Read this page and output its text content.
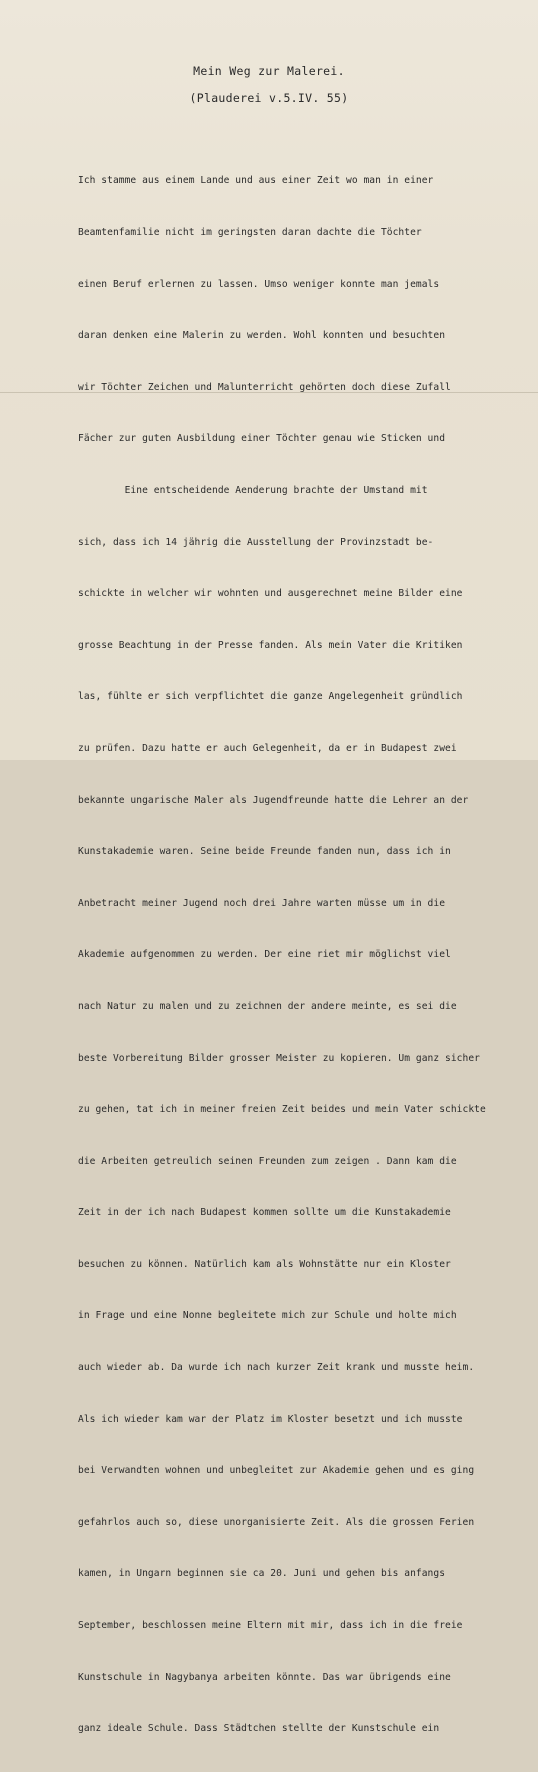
Mein Weg zur Malerei.
(Plauderei v.5.IV. 55)

Ich stamme aus einem Lande und aus einer Zeit wo man in einer

Beamtenfamilie nicht im geringsten daran dachte die Töchter

einen Beruf erlernen zu lassen. Umso weniger konnte man jemals

daran denken eine Malerin zu werden. Wohl konnten und besuchten

wir Töchter Zeichen und Malunterricht gehörten doch diese Zufall

Fächer zur guten Ausbildung einer Töchter genau wie Sticken und

Eine entscheidende Aenderung brachte der Umstand mit

sich, dass ich 14 jährig die Ausstellung der Provinzstadt be-

schickte in welcher wir wohnten und ausgerechnet meine Bilder eine

grosse Beachtung in der Presse fanden. Als mein Vater die Kritiken

las, fühlte er sich verpflichtet die ganze Angelegenheit gründlich

zu prüfen. Dazu hatte er auch Gelegenheit, da er in Budapest zwei

bekannte ungarische Maler als Jugendfreunde hatte die Lehrer an der

Kunstakademie waren. Seine beide Freunde fanden nun, dass ich in

Anbetracht meiner Jugend noch drei Jahre warten müsse um in die

Akademie aufgenommen zu werden. Der eine riet mir möglichst viel

nach Natur zu malen und zu zeichnen der andere meinte, es sei die

beste Vorbereitung Bilder grosser Meister zu kopieren. Um ganz sicher

zu gehen, tat ich in meiner freien Zeit beides und mein Vater schickte

die Arbeiten getreulich seinen Freunden zum zeigen . Dann kam die

Zeit in der ich nach Budapest kommen sollte um die Kunstakademie

besuchen zu können. Natürlich kam als Wohnstätte nur ein Kloster

in Frage und eine Nonne begleitete mich zur Schule und holte mich

auch wieder ab. Da wurde ich nach kurzer Zeit krank und musste heim.

Als ich wieder kam war der Platz im Kloster besetzt und ich musste

bei Verwandten wohnen und unbegleitet zur Akademie gehen und es ging

gefahrlos auch so, diese unorganisierte Zeit. Als die grossen Ferien

kamen, in Ungarn beginnen sie ca 20. Juni und gehen bis anfangs

September, beschlossen meine Eltern mit mir, dass ich in die freie

Kunstschule in Nagybanya arbeiten könnte. Das war übrigends eine

ganz ideale Schule. Dass Städtchen stellte der Kunstschule ein
